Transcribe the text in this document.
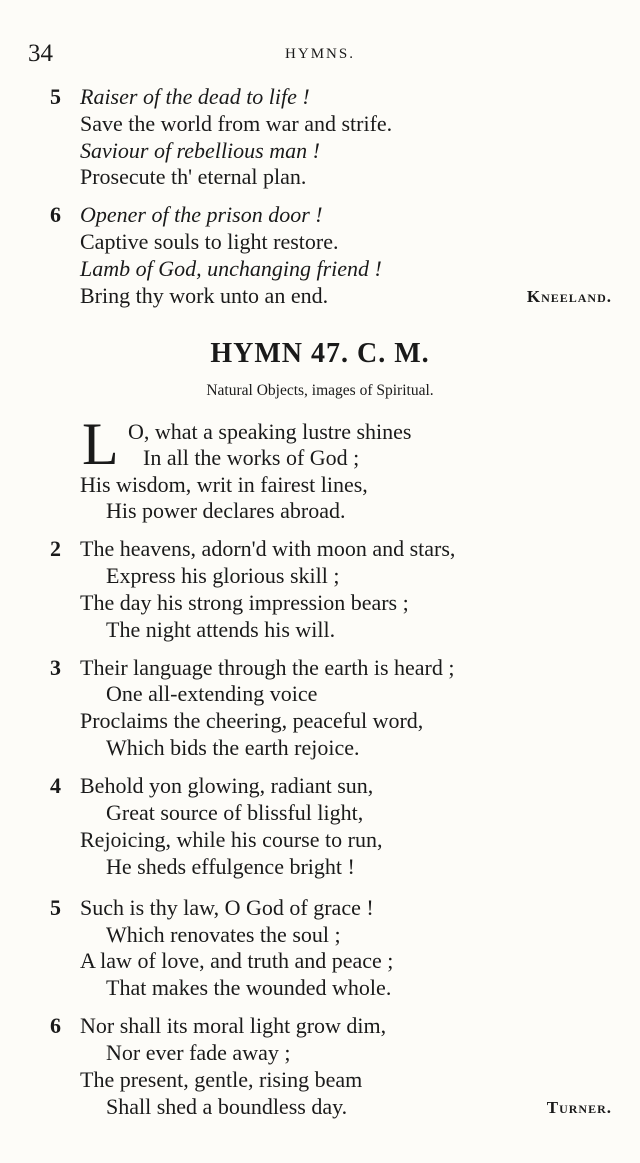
34	HYMNS.
5 Raiser of the dead to life !
Save the world from war and strife.
Saviour of rebellious man !
Prosecute th' eternal plan.
6 Opener of the prison door !
Captive souls to light restore.
Lamb of God, unchanging friend !
Bring thy work unto an end.	Kneeland.
HYMN 47. C. M.
Natural Objects, images of Spiritual.
L O, what a speaking lustre shines
In all the works of God ;
His wisdom, writ in fairest lines,
His power declares abroad.
2 The heavens, adorn'd with moon and stars,
Express his glorious skill ;
The day his strong impression bears ;
The night attends his will.
3 Their language through the earth is heard ;
One all-extending voice
Proclaims the cheering, peaceful word,
Which bids the earth rejoice.
4 Behold yon glowing, radiant sun,
Great source of blissful light,
Rejoicing, while his course to run,
He sheds effulgence bright !
5 Such is thy law, O God of grace !
Which renovates the soul ;
A law of love, and truth and peace ;
That makes the wounded whole.
6 Nor shall its moral light grow dim,
Nor ever fade away ;
The present, gentle, rising beam
Shall shed a boundless day.	Turner.
